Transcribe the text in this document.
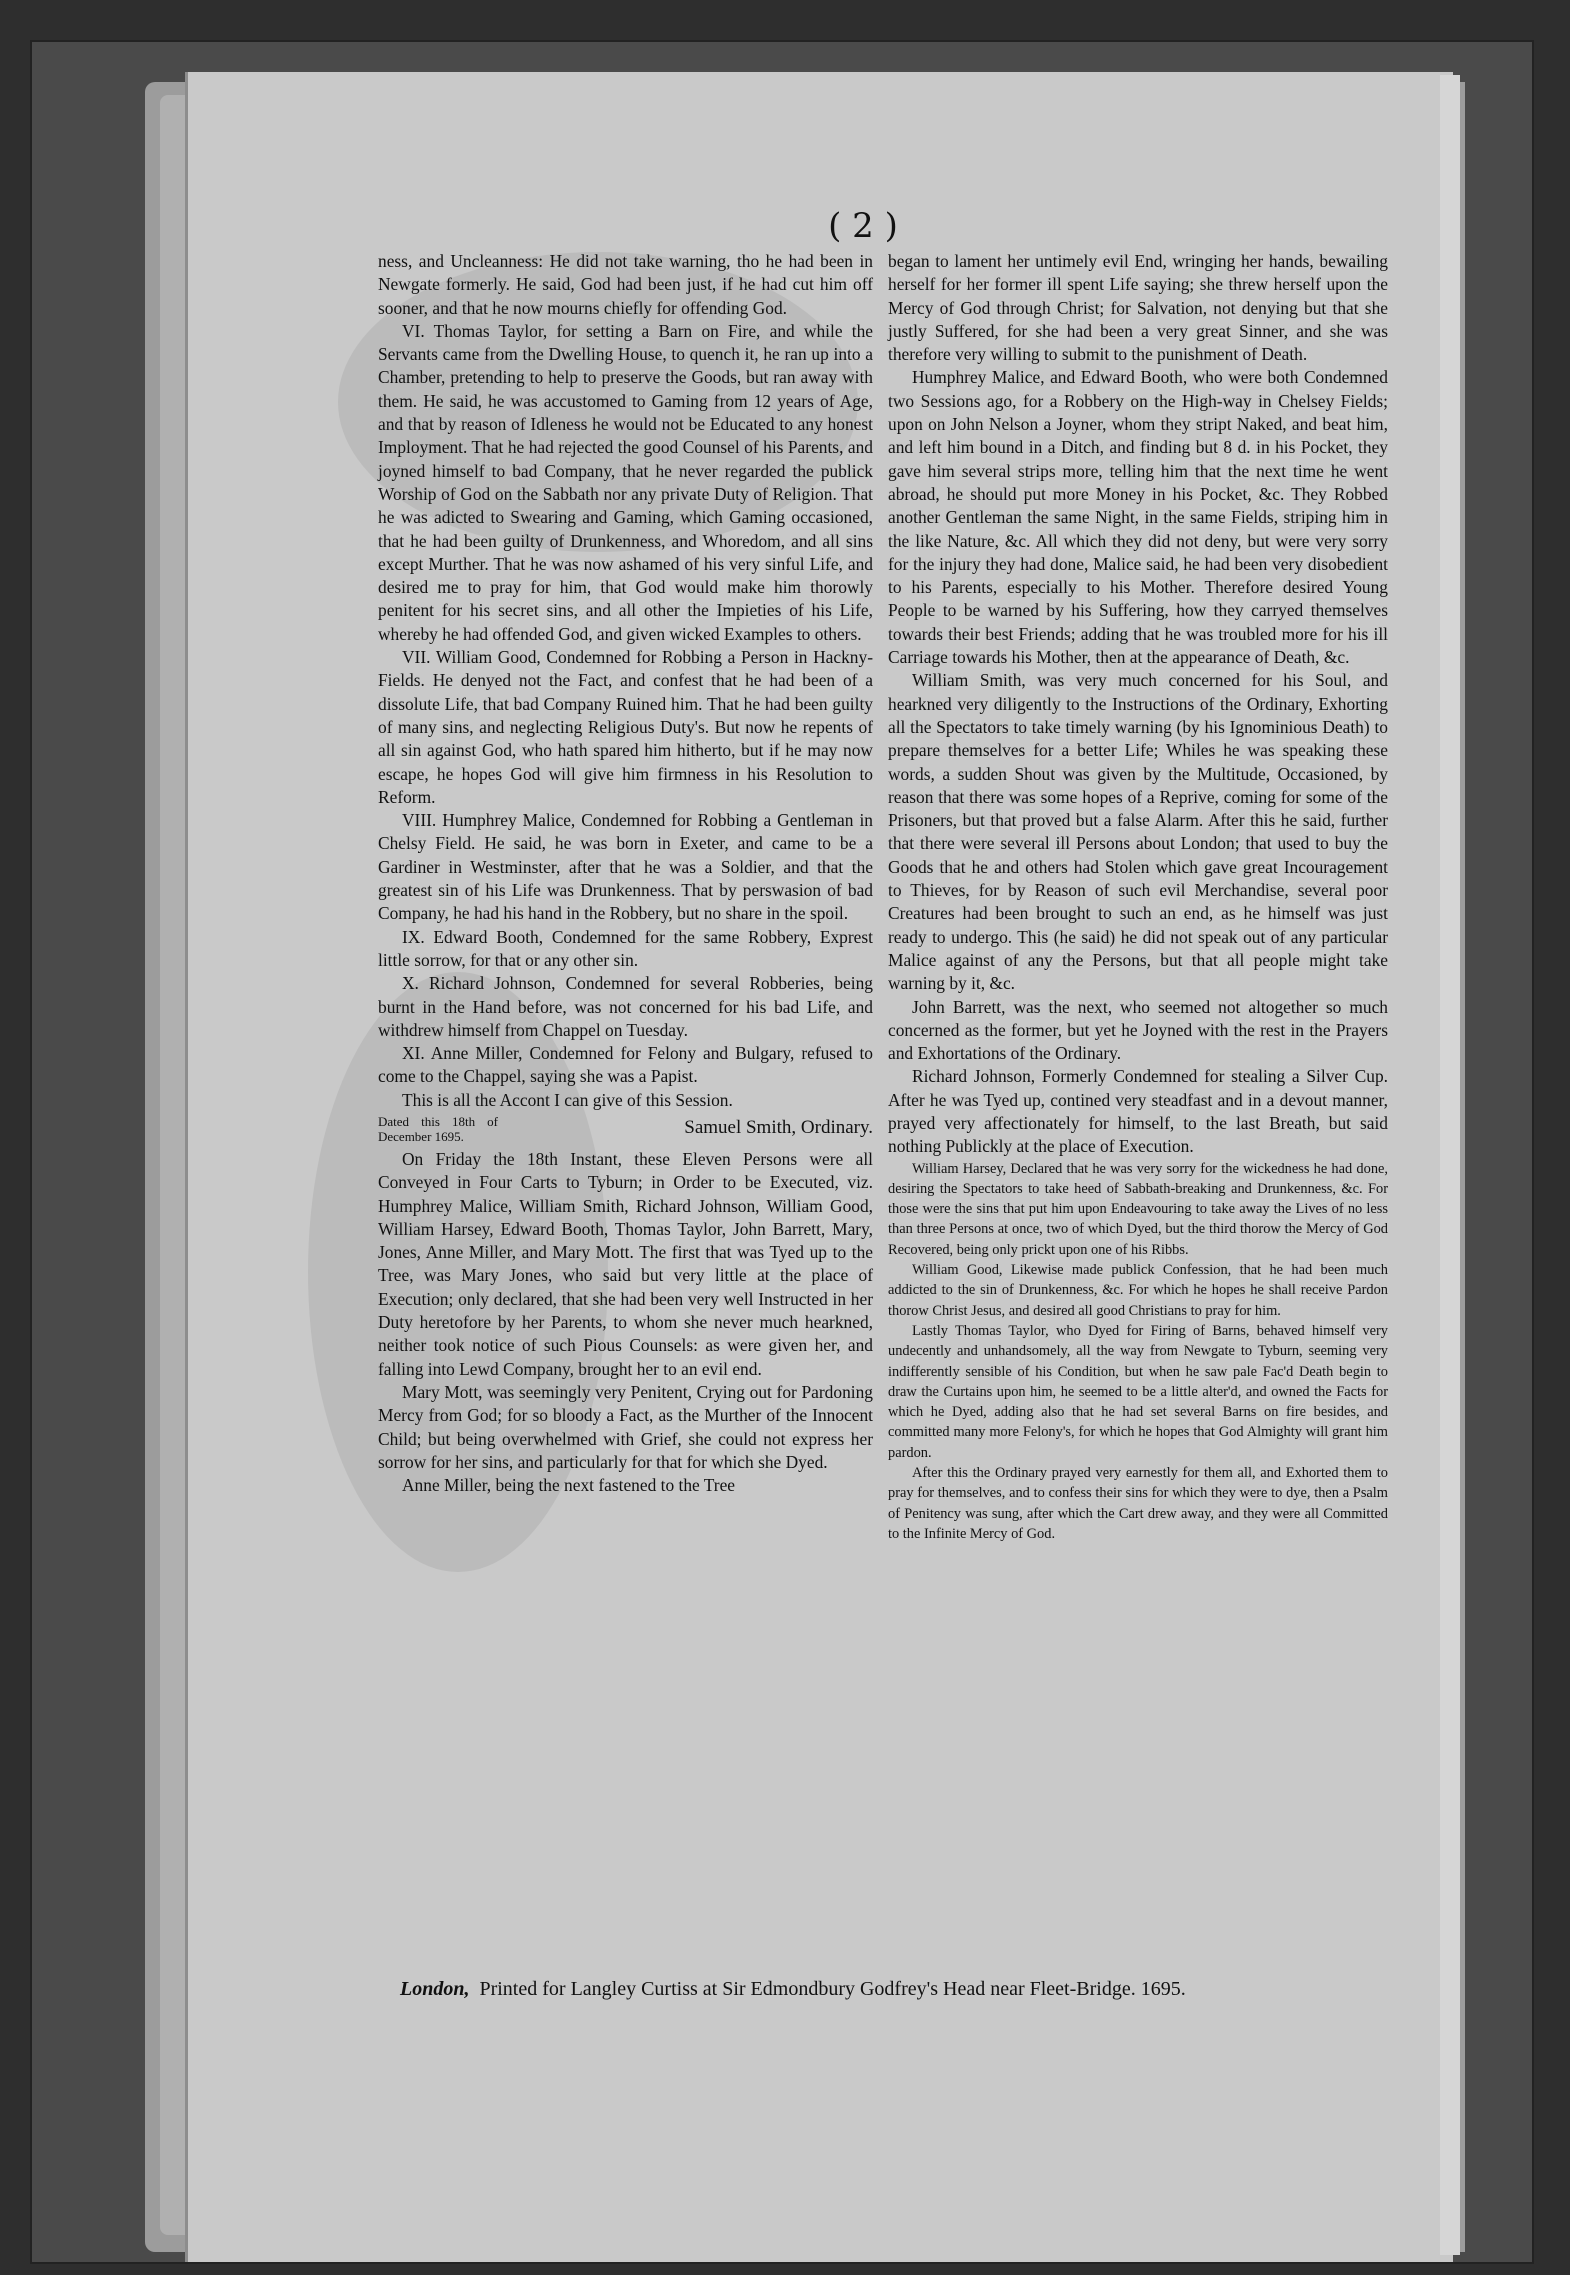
( 2 )

ness, and Uncleanness: He did not take warning, tho he had been in Newgate formerly. He said, God had been just, if he had cut him off sooner, and that he now mourns chiefly for offending God.

VI. Thomas Taylor, for setting a Barn on Fire, and while the Servants came from the Dwelling House, to quench it, he ran up into a Chamber, pretending to help to preserve the Goods, but ran away with them. He said, he was accustomed to Gaming from 12 years of Age, and that by reason of Idleness he would not be Educated to any honest Imployment. That he had rejected the good Counsel of his Parents, and joyned himself to bad Company, that he never regarded the publick Worship of God on the Sabbath nor any private Duty of Religion. That he was adicted to Swearing and Gaming, which Gaming occasioned, that he had been guilty of Drunkenness, and Whoredom, and all sins except Murther. That he was now ashamed of his very sinful Life, and desired me to pray for him, that God would make him thorowly penitent for his secret sins, and all other the Impieties of his Life, whereby he had offended God, and given wicked Examples to others.

VII. William Good, Condemned for Robbing a Person in Hackny-Fields. He denyed not the Fact, and confest that he had been of a dissolute Life, that bad Company Ruined him. That he had been guilty of many sins, and neglecting Religious Duty's. But now he repents of all sin against God, who hath spared him hitherto, but if he may now escape, he hopes God will give him firmness in his Resolution to Reform.

VIII. Humphrey Malice, Condemned for Robbing a Gentleman in Chelsy Field. He said, he was born in Exeter, and came to be a Gardiner in Westminster, after that he was a Soldier, and that the greatest sin of his Life was Drunkenness. That by perswasion of bad Company, he had his hand in the Robbery, but no share in the spoil.

IX. Edward Booth, Condemned for the same Robbery, Exprest little sorrow, for that or any other sin.

X. Richard Johnson, Condemned for several Robberies, being burnt in the Hand before, was not concerned for his bad Life, and withdrew himself from Chappel on Tuesday.

XI. Anne Miller, Condemned for Felony and Bulgary, refused to come to the Chappel, saying she was a Papist.

This is all the Accont I can give of this Session.

Dated this 18th of December 1695.	Samuel Smith, Ordinary.

On Friday the 18th Instant, these Eleven Persons were all Conveyed in Four Carts to Tyburn; in Order to be Executed, viz. Humphrey Malice, William Smith, Richard Johnson, William Good, William Harsey, Edward Booth, Thomas Taylor, John Barrett, Mary, Jones, Anne Miller, and Mary Mott. The first that was Tyed up to the Tree, was Mary Jones, who said but very little at the place of Execution; only declared, that she had been very well Instructed in her Duty heretofore by her Parents, to whom she never much hearkned, neither took notice of such Pious Counsels: as were given her, and falling into Lewd Company, brought her to an evil end.

Mary Mott, was seemingly very Penitent, Crying out for Pardoning Mercy from God; for so bloody a Fact, as the Murther of the Innocent Child; but being overwhelmed with Grief, she could not express her sorrow for her sins, and particularly for that for which she Dyed.

Anne Miller, being the next fastened to the Tree

began to lament her untimely evil End, wringing her hands, bewailing herself for her former ill spent Life saying; she threw herself upon the Mercy of God through Christ; for Salvation, not denying but that she justly Suffered, for she had been a very great Sinner, and she was therefore very willing to submit to the punishment of Death.

Humphrey Malice, and Edward Booth, who were both Condemned two Sessions ago, for a Robbery on the High-way in Chelsey Fields; upon on John Nelson a Joyner, whom they stript Naked, and beat him, and left him bound in a Ditch, and finding but 8 d. in his Pocket, they gave him several strips more, telling him that the next time he went abroad, he should put more Money in his Pocket, &c. They Robbed another Gentleman the same Night, in the same Fields, striping him in the like Nature, &c. All which they did not deny, but were very sorry for the injury they had done, Malice said, he had been very disobedient to his Parents, especially to his Mother. Therefore desired Young People to be warned by his Suffering, how they carryed themselves towards their best Friends; adding that he was troubled more for his ill Carriage towards his Mother, then at the appearance of Death, &c.

William Smith, was very much concerned for his Soul, and hearkned very diligently to the Instructions of the Ordinary, Exhorting all the Spectators to take timely warning (by his Ignominious Death) to prepare themselves for a better Life; Whiles he was speaking these words, a sudden Shout was given by the Multitude, Occasioned, by reason that there was some hopes of a Reprive, coming for some of the Prisoners, but that proved but a false Alarm. After this he said, further that there were several ill Persons about London; that used to buy the Goods that he and others had Stolen which gave great Incouragement to Thieves, for by Reason of such evil Merchandise, several poor Creatures had been brought to such an end, as he himself was just ready to undergo. This (he said) he did not speak out of any particular Malice against of any the Persons, but that all people might take warning by it, &c.

John Barrett, was the next, who seemed not altogether so much concerned as the former, but yet he Joyned with the rest in the Prayers and Exhortations of the Ordinary.

Richard Johnson, Formerly Condemned for stealing a Silver Cup. After he was Tyed up, contined very steadfast and in a devout manner, prayed very affectionately for himself, to the last Breath, but said nothing Publickly at the place of Execution.

William Harsey, Declared that he was very sorry for the wickedness he had done, desiring the Spectators to take heed of Sabbath-breaking and Drunkenness, &c. For those were the sins that put him upon Endeavouring to take away the Lives of no less than three Persons at once, two of which Dyed, but the third thorow the Mercy of God Recovered, being only prickt upon one of his Ribbs.

William Good, Likewise made publick Confession, that he had been much addicted to the sin of Drunkenness, &c. For which he hopes he shall receive Pardon thorow Christ Jesus, and desired all good Christians to pray for him.

Lastly Thomas Taylor, who Dyed for Firing of Barns, behaved himself very undecently and unhandsomely, all the way from Newgate to Tyburn, seeming very indifferently sensible of his Condition, but when he saw pale Fac'd Death begin to draw the Curtains upon him, he seemed to be a little alter'd, and owned the Facts for which he Dyed, adding also that he had set several Barns on fire besides, and committed many more Felony's, for which he hopes that God Almighty will grant him pardon.

After this the Ordinary prayed very earnestly for them all, and Exhorted them to pray for themselves, and to confess their sins for which they were to dye, then a Psalm of Penitency was sung, after which the Cart drew away, and they were all Committed to the Infinite Mercy of God.

London, Printed for Langley Curtiss at Sir Edmondbury Godfrey's Head near Fleet-Bridge. 1695.
